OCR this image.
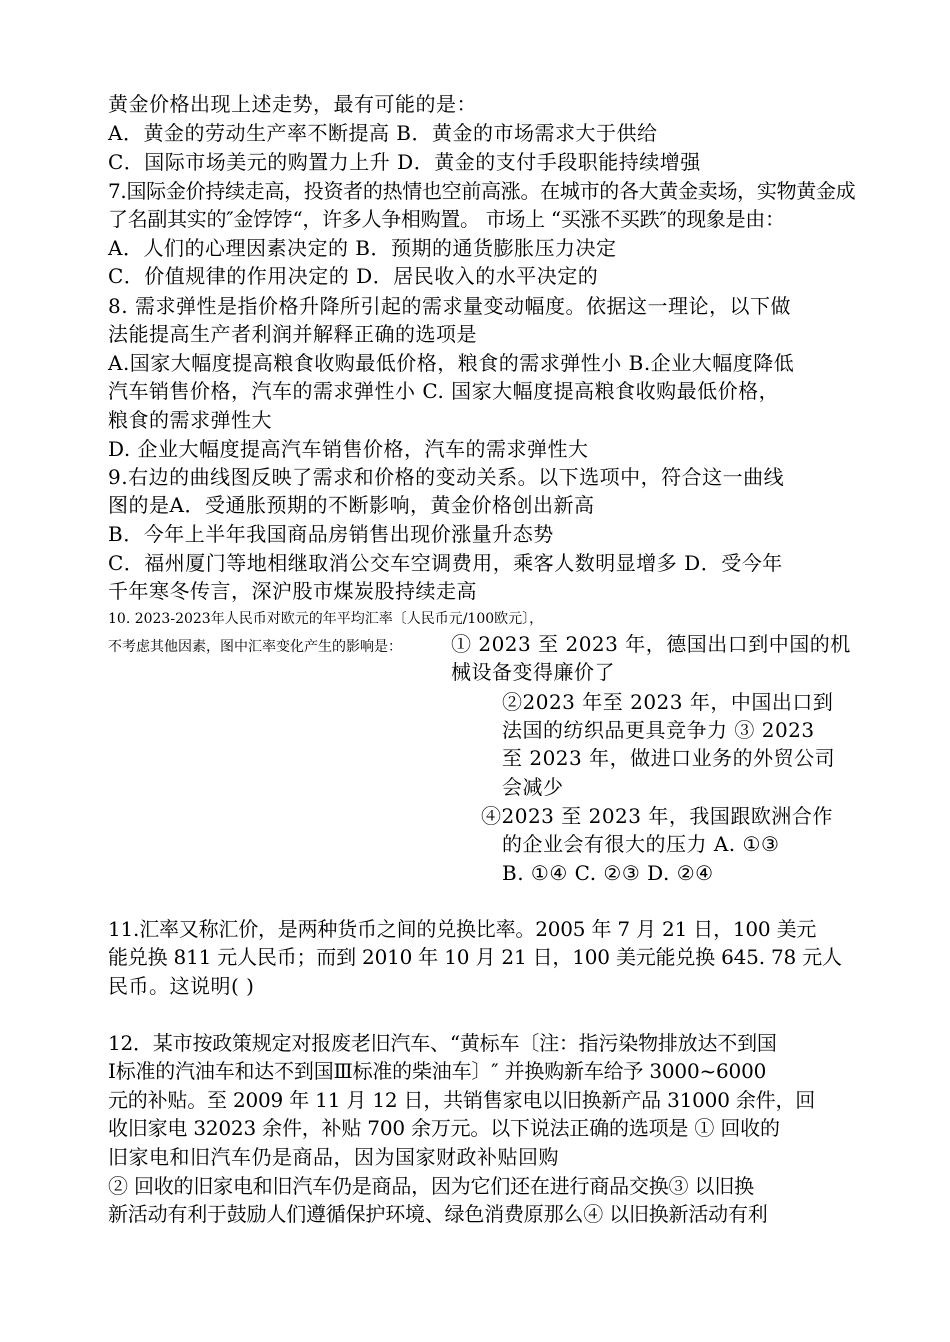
黄金价格出现上述走势，最有可能的是：
A．黄金的劳动生产率不断提高 B．黄金的市场需求大于供给
C．国际市场美元的购置力上升 D．黄金的支付手段职能持续增强
7.国际金价持续走高，投资者的热情也空前高涨。在城市的各大黄金卖场，实物黄金成
了名副其实的″金饽饽“，许多人争相购置。 市场上 “买涨不买跌″的现象是由：
A．人们的心理因素决定的 B．预期的通货膨胀压力决定
C．价值规律的作用决定的 D．居民收入的水平决定的
8. 需求弹性是指价格升降所引起的需求量变动幅度。依据这一理论，以下做
法能提高生产者利润并解释正确的选项是
A.国家大幅度提高粮食收购最低价格，粮食的需求弹性小 B.企业大幅度降低
汽车销售价格，汽车的需求弹性小 C. 国家大幅度提高粮食收购最低价格，
粮食的需求弹性大
D. 企业大幅度提高汽车销售价格，汽车的需求弹性大
9.右边的曲线图反映了需求和价格的变动关系。以下选项中，符合这一曲线
图的是A．受通胀预期的不断影响，黄金价格创出新高
B．今年上半年我国商品房销售出现价涨量升态势
C．福州厦门等地相继取消公交车空调费用，乘客人数明显增多 D．受今年
千年寒冬传言，深沪股市煤炭股持续走高
10. 2023-2023年人民币对欧元的年平均汇率〔人民币元/100欧元〕，
不考虑其他因素，图中汇率变化产生的影响是： ① 2023 至 2023 年，德国出口到中国的机
械设备变得廉价了
②2023 年至 2023 年，中国出口到
法国的纺织品更具竞争力 ③ 2023
至 2023 年，做进口业务的外贸公司
会减少
④2023 至 2023 年，我国跟欧洲合作
的企业会有很大的压力 A. ①③
B. ①④ C. ②③ D. ②④
11.汇率又称汇价，是两种货币之间的兑换比率。2005 年 7 月 21 日，100 美元
能兑换 811 元人民币；而到 2010 年 10 月 21 日，100 美元能兑换 645. 78 元人
民币。这说明( )
12．某市按政策规定对报废老旧汽车、“黄标车〔注：指污染物排放达不到国
Ⅰ标准的汽油车和达不到国Ⅲ标准的柴油车〕″ 并换购新车给予 3000~6000
元的补贴。至 2009 年 11 月 12 日，共销售家电以旧换新产品 31000 余件，回
收旧家电 32023 余件，补贴 700 余万元。以下说法正确的选项是 ① 回收的
旧家电和旧汽车仍是商品，因为国家财政补贴回购
② 回收的旧家电和旧汽车仍是商品，因为它们还在进行商品交换③ 以旧换
新活动有利于鼓励人们遵循保护环境、绿色消费原那么④ 以旧换新活动有利
